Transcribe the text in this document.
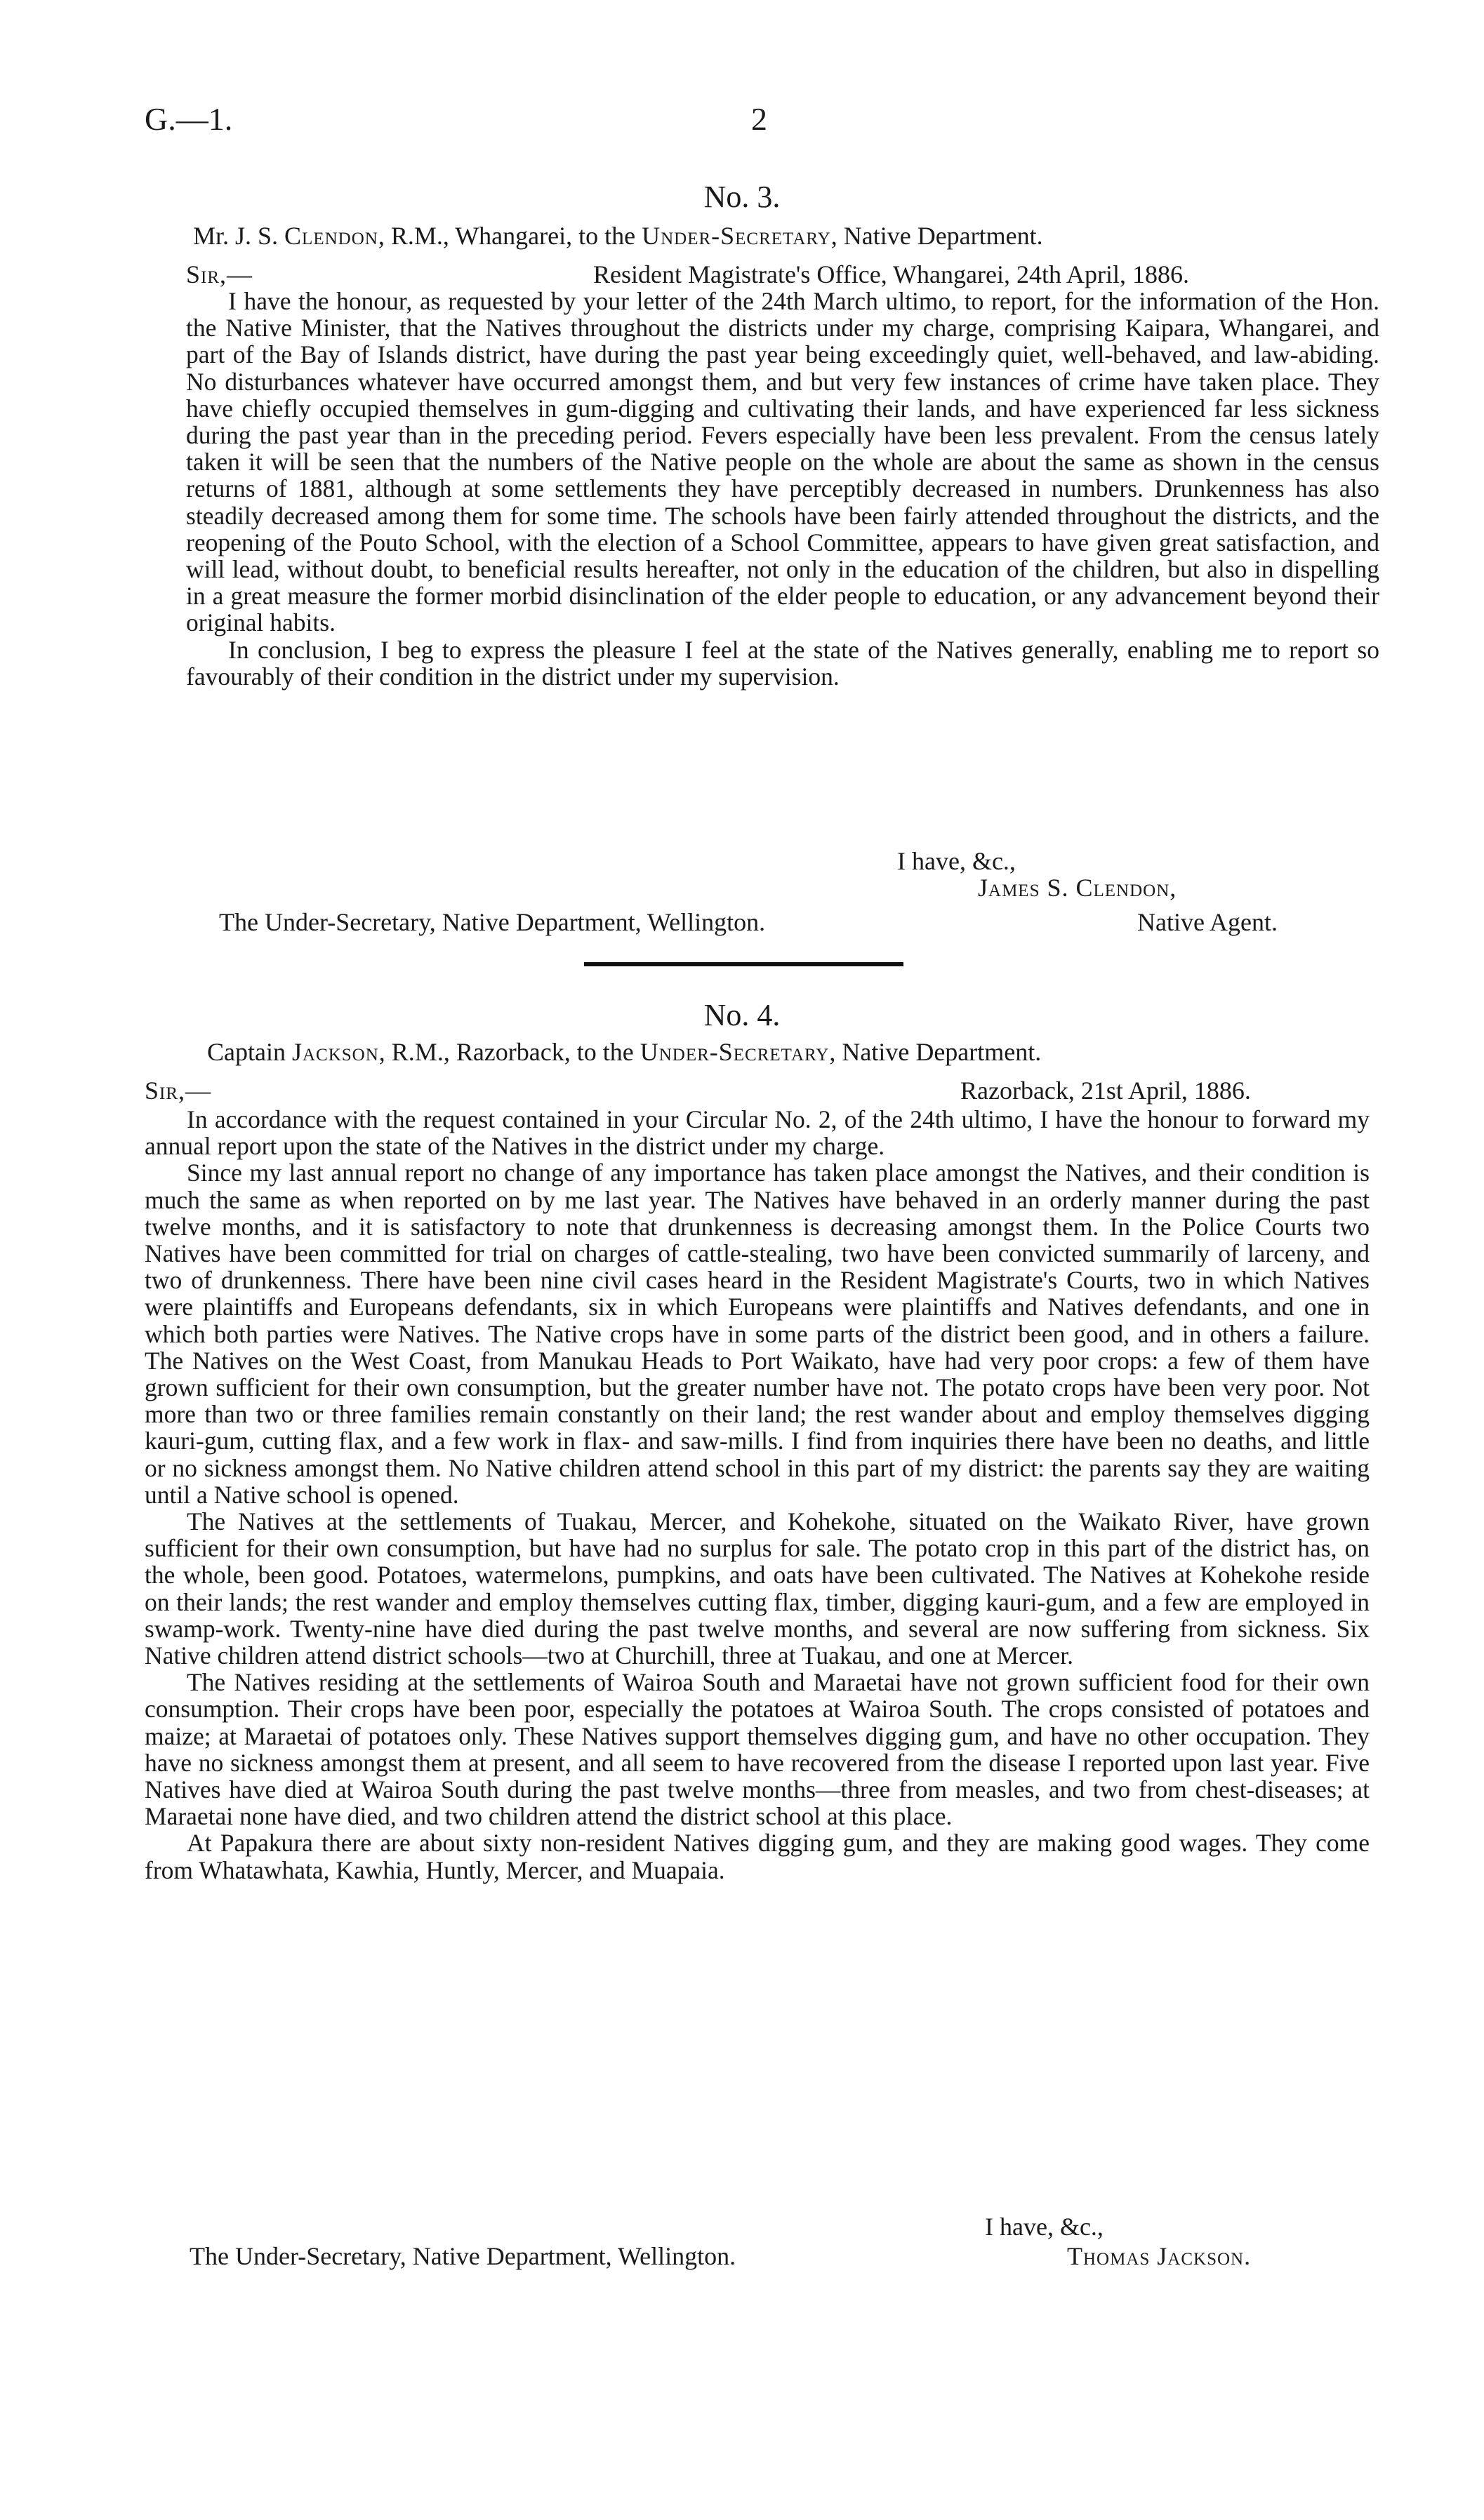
G.—1.	2
No. 3.
Mr. J. S. Clendon, R.M., Whangarei, to the Under-Secretary, Native Department.
Sir,—	Resident Magistrate's Office, Whangarei, 24th April, 1886.

I have the honour, as requested by your letter of the 24th March ultimo, to report, for the information of the Hon. the Native Minister, that the Natives throughout the districts under my charge, comprising Kaipara, Whangarei, and part of the Bay of Islands district, have during the past year being exceedingly quiet, well-behaved, and law-abiding. No disturbances whatever have occurred amongst them, and but very few instances of crime have taken place. They have chiefly occupied themselves in gum-digging and cultivating their lands, and have experienced far less sickness during the past year than in the preceding period. Fevers especially have been less prevalent. From the census lately taken it will be seen that the numbers of the Native people on the whole are about the same as shown in the census returns of 1881, although at some settlements they have perceptibly decreased in numbers. Drunkenness has also steadily decreased among them for some time. The schools have been fairly attended throughout the districts, and the reopening of the Pouto School, with the election of a School Committee, appears to have given great satisfaction, and will lead, without doubt, to beneficial results hereafter, not only in the education of the children, but also in dispelling in a great measure the former morbid disinclination of the elder people to education, or any advancement beyond their original habits.

In conclusion, I beg to express the pleasure I feel at the state of the Natives generally, enabling me to report so favourably of their condition in the district under my supervision.

I have, &c.,
James S. Clendon,
The Under-Secretary, Native Department, Wellington.	Native Agent.
No. 4.
Captain Jackson, R.M., Razorback, to the Under-Secretary, Native Department.
Sir,—	Razorback, 21st April, 1886.

In accordance with the request contained in your Circular No. 2, of the 24th ultimo, I have the honour to forward my annual report upon the state of the Natives in the district under my charge.

Since my last annual report no change of any importance has taken place amongst the Natives, and their condition is much the same as when reported on by me last year. The Natives have behaved in an orderly manner during the past twelve months, and it is satisfactory to note that drunkenness is decreasing amongst them. In the Police Courts two Natives have been committed for trial on charges of cattle-stealing, two have been convicted summarily of larceny, and two of drunkenness. There have been nine civil cases heard in the Resident Magistrate's Courts, two in which Natives were plaintiffs and Europeans defendants, six in which Europeans were plaintiffs and Natives defendants, and one in which both parties were Natives. The Native crops have in some parts of the district been good, and in others a failure. The Natives on the West Coast, from Manukau Heads to Port Waikato, have had very poor crops: a few of them have grown sufficient for their own consumption, but the greater number have not. The potato crops have been very poor. Not more than two or three families remain constantly on their land; the rest wander about and employ themselves digging kauri-gum, cutting flax, and a few work in flax- and saw-mills. I find from inquiries there have been no deaths, and little or no sickness amongst them. No Native children attend school in this part of my district: the parents say they are waiting until a Native school is opened.

The Natives at the settlements of Tuakau, Mercer, and Kohekohe, situated on the Waikato River, have grown sufficient for their own consumption, but have had no surplus for sale. The potato crop in this part of the district has, on the whole, been good. Potatoes, watermelons, pumpkins, and oats have been cultivated. The Natives at Kohekohe reside on their lands; the rest wander and employ themselves cutting flax, timber, digging kauri-gum, and a few are employed in swamp-work. Twenty-nine have died during the past twelve months, and several are now suffering from sickness. Six Native children attend district schools—two at Churchill, three at Tuakau, and one at Mercer.

The Natives residing at the settlements of Wairoa South and Maraetai have not grown sufficient food for their own consumption. Their crops have been poor, especially the potatoes at Wairoa South. The crops consisted of potatoes and maize; at Maraetai of potatoes only. These Natives support themselves digging gum, and have no other occupation. They have no sickness amongst them at present, and all seem to have recovered from the disease I reported upon last year. Five Natives have died at Wairoa South during the past twelve months—three from measles, and two from chest-diseases; at Maraetai none have died, and two children attend the district school at this place.

At Papakura there are about sixty non-resident Natives digging gum, and they are making good wages. They come from Whatawhata, Kawhia, Huntly, Mercer, and Muapaia.

I have, &c.,
The Under-Secretary, Native Department, Wellington.	Thomas Jackson.
